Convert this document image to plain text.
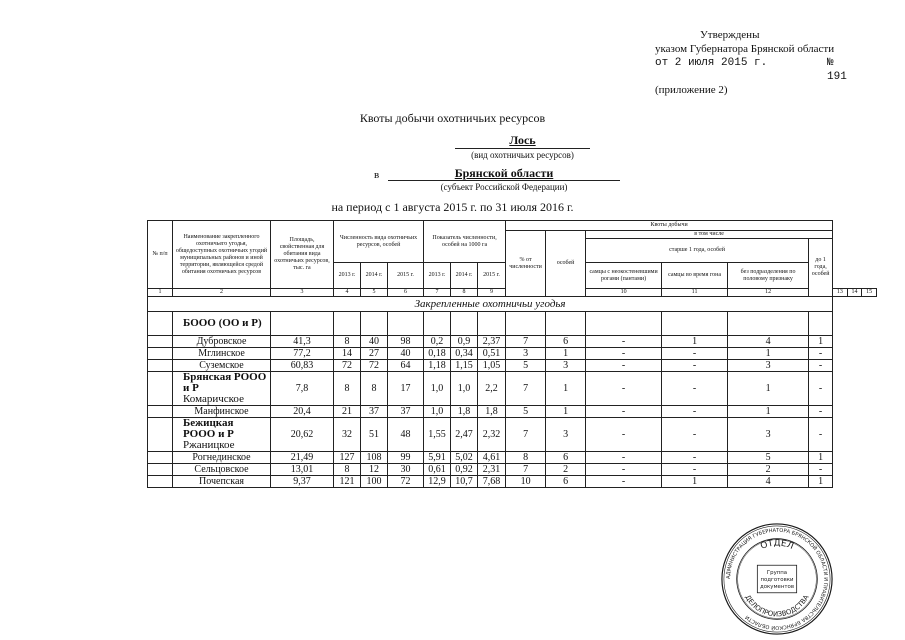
Утверждены
указом Губернатора Брянской области
от 2 июля 2015 г.	№ 191
(приложение 2)
Квоты добычи охотничьих ресурсов
Лось
(вид охотничьих ресурсов)
в	Брянской области
(субъект Российской Федерации)
на период с 1 августа 2015 г. по 31 июля 2016 г.
№ п/п	Наименование закрепленного охотничьего угодья, общедоступных охотничьих угодий муниципальных районов и иной территории, являющейся средой обитания охотничьих ресурсов	Площадь, свойственная для обитания вида охотничьих ресурсов, тыс. га	Численность вида охотничьих ресурсов, особей			Показатель численности, особей на 1000 га			Квоты добычи								
									% от численности	особей	в том числе						
											старше 1 года, особей			до 1 года, особей			
			2013 г.	2014 г.	2015 г.	2013 г.	2014 г.	2015 г.			самцы с неокостеневшими рогами (пантами)	самцы во время гона	без подразделения по половому признаку				
1	2	3	4	5	6	7	8	9			10	11	12		13	14	15
Закрепленные охотничьи угодья																	

	БООО (ОО и Р)																

	Дубровское	41,3	8	40	98	0,2	0,9	2,37	7	6	-	1	4	1			
	Мглинское	77,2	14	27	40	0,18	0,34	0,51	3	1	-	-	1	-			
	Суземское	60,83	72	72	64	1,18	1,15	1,05	5	3	-	-	3	-			

	Брянская РООО и Р
Комаричское	7,8	8	8	17	1,0	1,0	2,2	7	1	-	-	1	-			
	Манфинское	20,4	21	37	37	1,0	1,8	1,8	5	1	-	-	1	-			

	Бежицкая РООО и Р
Ржаницкое	20,62	32	51	48	1,55	2,47	2,32	7	3	-	-	3	-			
	Рогнединское	21,49	127	108	99	5,91	5,02	4,61	8	6	-	-	5	1			
	Сельцовское	13,01	8	12	30	0,61	0,92	2,31	7	2	-	-	2	-			
	Почепская	9,37	121	100	72	12,9	10,7	7,68	10	6	-	1	4	1			
АДМИНИСТРАЦИЯ ГУБЕРНАТОРА БРЯНСКОЙ ОБЛАСТИ И ПРАВИТЕЛЬСТВА БРЯНСКОЙ ОБЛАСТИ
ОТДЕЛ
ДЕЛОПРОИЗВОДСТВА
Группа
подготовки
документов
